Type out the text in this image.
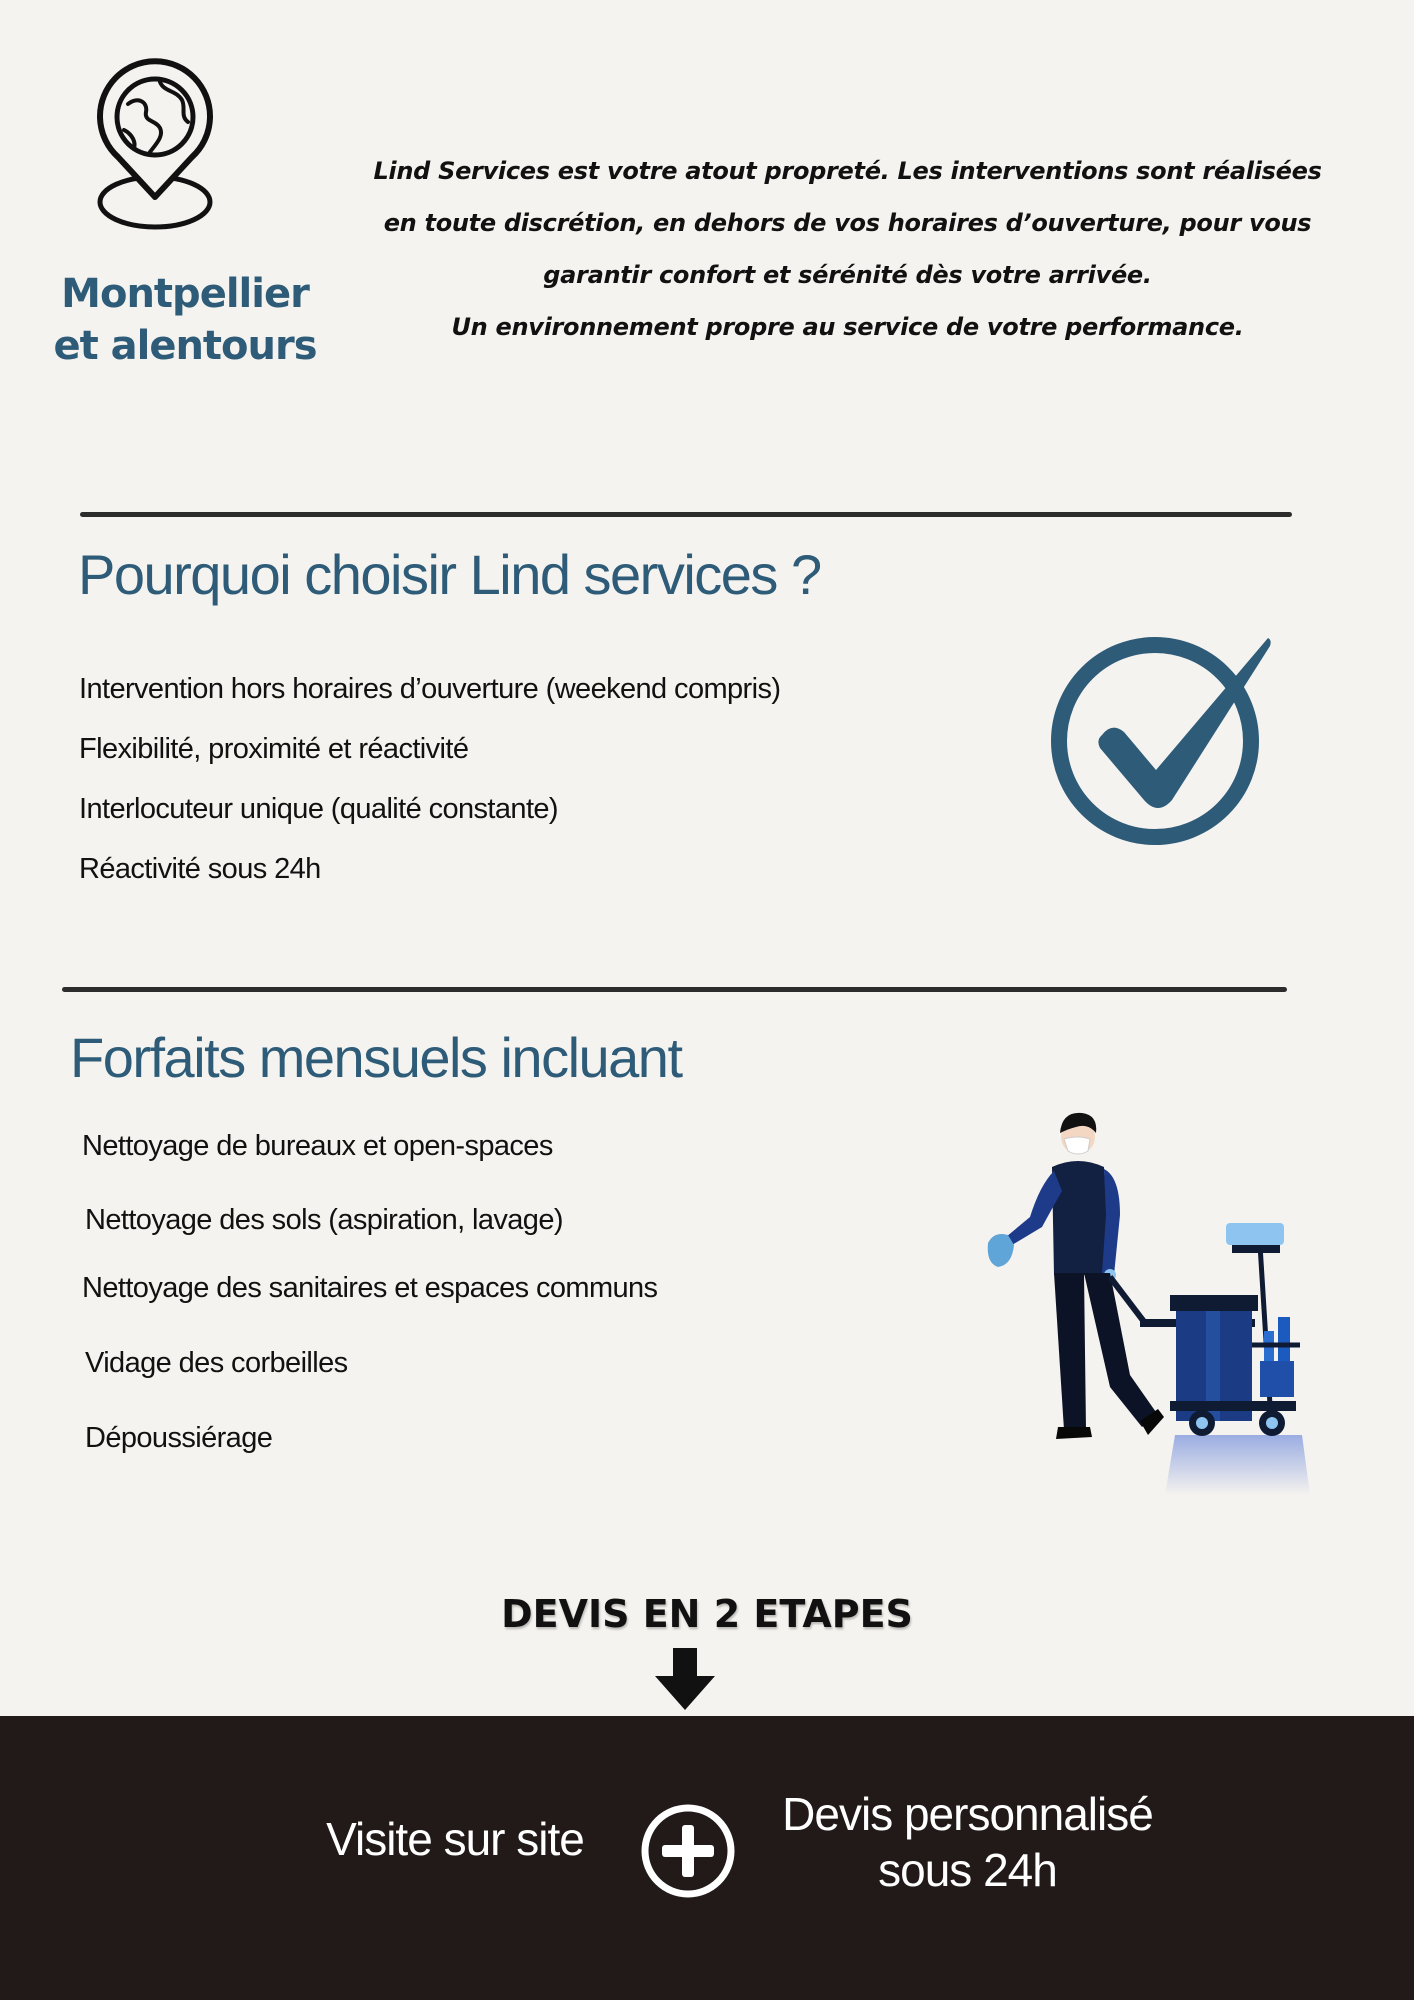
Montpellier
et alentours
Lind Services est votre atout propreté. Les interventions sont réalisées
en toute discrétion, en dehors de vos horaires d’ouverture, pour vous
garantir confort et sérénité dès votre arrivée.
Un environnement propre au service de votre performance.
Pourquoi choisir Lind services ?
Intervention hors horaires d’ouverture (weekend compris)
Flexibilité, proximité et réactivité
Interlocuteur unique (qualité constante)
Réactivité sous 24h
Forfaits mensuels incluant
Nettoyage de bureaux et open-spaces
Nettoyage des sols (aspiration, lavage)
Nettoyage des sanitaires et espaces communs
Vidage des corbeilles
Dépoussiérage
DEVIS EN 2 ETAPES
Visite sur site	Devis personnalisé
sous 24h
